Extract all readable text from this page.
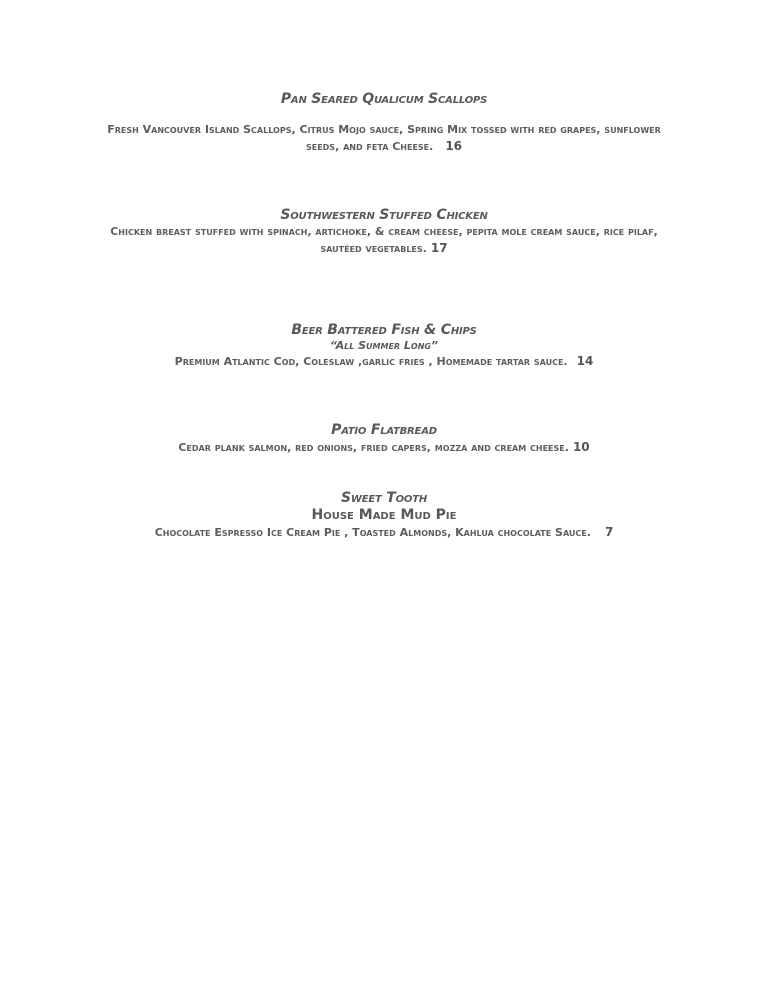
Pan Seared Qualicum Scallops
Fresh Vancouver Island Scallops, Citrus Mojo sauce, Spring Mix tossed with red grapes, sunflower seeds, and feta Cheese. 16
Southwestern Stuffed Chicken
Chicken breast stuffed with spinach, artichoke, & cream cheese, pepita mole cream sauce, rice pilaf, sautéed vegetables. 17
Beer Battered Fish & Chips
“All Summer Long”
Premium Atlantic Cod, Coleslaw ,garlic fries , Homemade tartar sauce. 14
Patio Flatbread
Cedar plank salmon, red onions, fried capers, mozza and cream cheese. 10
Sweet Tooth
House Made Mud Pie
Chocolate Espresso Ice Cream Pie , Toasted Almonds, Kahlua chocolate Sauce. 7
